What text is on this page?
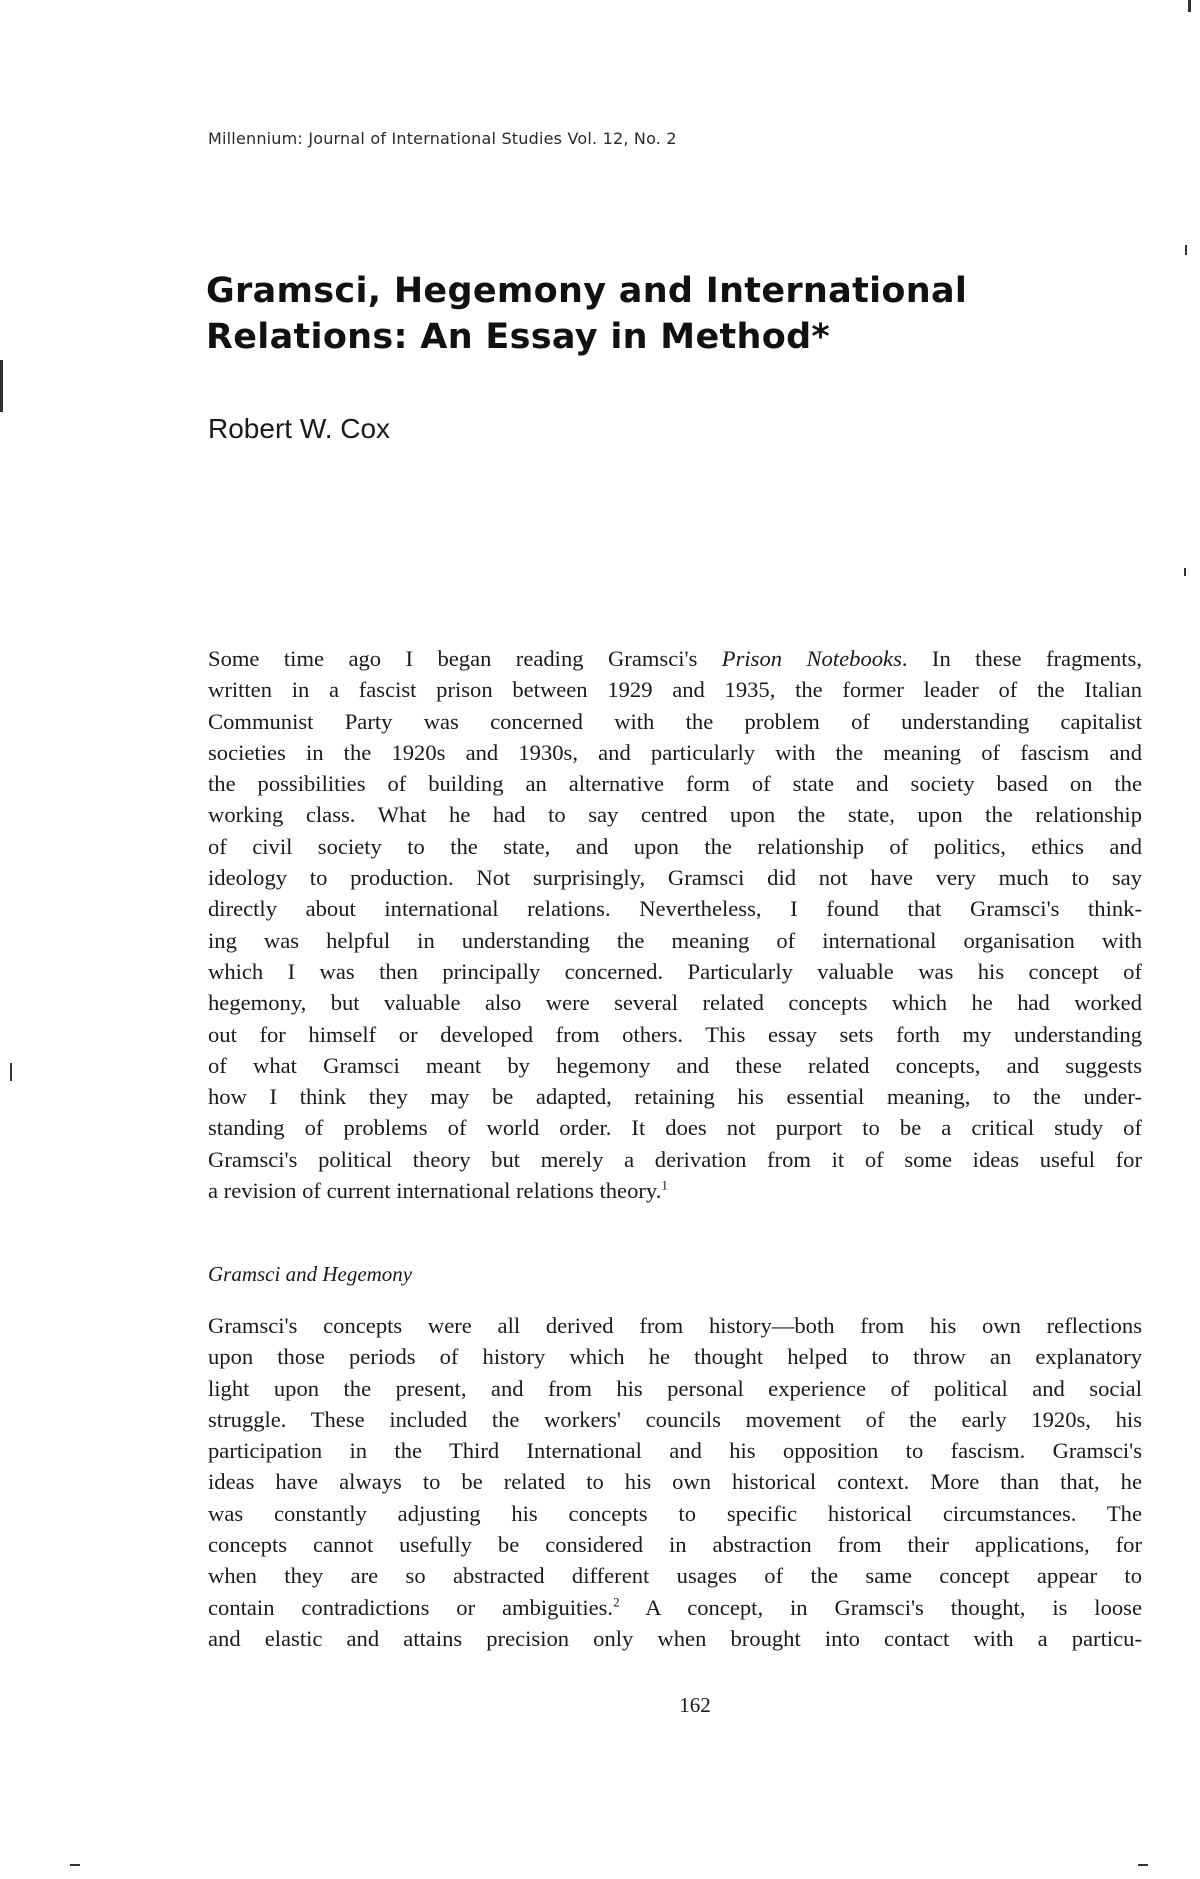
Millennium: Journal of International Studies Vol. 12, No. 2
Gramsci, Hegemony and International
Relations: An Essay in Method*
Robert W. Cox
Some time ago I began reading Gramsci's Prison Notebooks. In these fragments,
written in a fascist prison between 1929 and 1935, the former leader of the Italian
Communist Party was concerned with the problem of understanding capitalist
societies in the 1920s and 1930s, and particularly with the meaning of fascism and
the possibilities of building an alternative form of state and society based on the
working class. What he had to say centred upon the state, upon the relationship
of civil society to the state, and upon the relationship of politics, ethics and
ideology to production. Not surprisingly, Gramsci did not have very much to say
directly about international relations. Nevertheless, I found that Gramsci's think-
ing was helpful in understanding the meaning of international organisation with
which I was then principally concerned. Particularly valuable was his concept of
hegemony, but valuable also were several related concepts which he had worked
out for himself or developed from others. This essay sets forth my understanding
of what Gramsci meant by hegemony and these related concepts, and suggests
how I think they may be adapted, retaining his essential meaning, to the under-
standing of problems of world order. It does not purport to be a critical study of
Gramsci's political theory but merely a derivation from it of some ideas useful for
a revision of current international relations theory.$^1$
Gramsci and Hegemony
Gramsci's concepts were all derived from history—both from his own reflections
upon those periods of history which he thought helped to throw an explanatory
light upon the present, and from his personal experience of political and social
struggle. These included the workers' councils movement of the early 1920s, his
participation in the Third International and his opposition to fascism. Gramsci's
ideas have always to be related to his own historical context. More than that, he
was constantly adjusting his concepts to specific historical circumstances. The
concepts cannot usefully be considered in abstraction from their applications, for
when they are so abstracted different usages of the same concept appear to
contain contradictions or ambiguities.$^2$ A concept, in Gramsci's thought, is loose
and elastic and attains precision only when brought into contact with a particu-
162
